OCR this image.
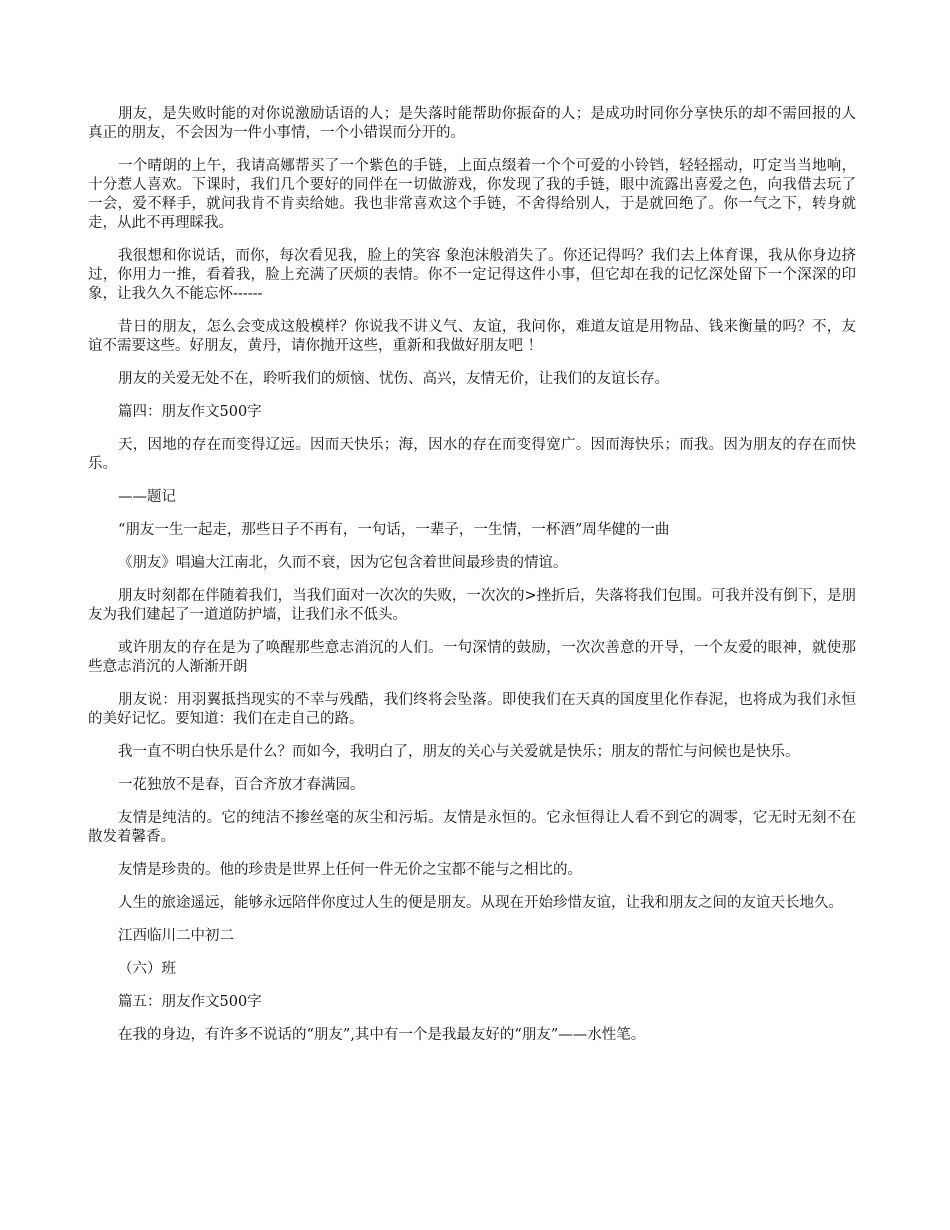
朋友，是失败时能的对你说激励话语的人；是失落时能帮助你振奋的人；是成功时同你分享快乐的却不需回报的人真正的朋友，不会因为一件小事情，一个小错误而分开的。

一个晴朗的上午，我请高娜帮买了一个紫色的手链，上面点缀着一个个可爱的小铃铛，轻轻摇动，叮定当当地响，十分惹人喜欢。下课时，我们几个要好的同伴在一切做游戏，你发现了我的手链，眼中流露出喜爱之色，向我借去玩了一会，爱不释手，就问我肯不肯卖给她。我也非常喜欢这个手链，不舍得给别人，于是就回绝了。你一气之下，转身就走，从此不再理睬我。

我很想和你说话，而你，每次看见我，脸上的笑容 象泡沫般消失了。你还记得吗？我们去上体育课，我从你身边挤过，你用力一推，看着我，脸上充满了厌烦的表情。你不一定记得这件小事，但它却在我的记忆深处留下一个深深的印象，让我久久不能忘怀------

昔日的朋友，怎么会变成这般模样？你说我不讲义气、友谊，我问你，难道友谊是用物品、钱来衡量的吗？不，友谊不需要这些。好朋友，黄丹，请你抛开这些，重新和我做好朋友吧 ！

朋友的关爱无处不在，聆听我们的烦恼、忧伤、高兴，友情无价，让我们的友谊长存。

篇四：朋友作文500字

天，因地的存在而变得辽远。因而天快乐；海，因水的存在而变得宽广。因而海快乐；而我。因为朋友的存在而快乐。

——题记

“朋友一生一起走，那些日子不再有，一句话，一辈子，一生情，一杯酒”周华健的一曲

《朋友》唱遍大江南北，久而不衰，因为它包含着世间最珍贵的情谊。

朋友时刻都在伴随着我们，当我们面对一次次的失败，一次次的>挫折后，失落将我们包围。可我并没有倒下，是朋友为我们建起了一道道防护墙，让我们永不低头。

或许朋友的存在是为了唤醒那些意志消沉的人们。一句深情的鼓励，一次次善意的开导，一个友爱的眼神，就使那些意志消沉的人渐渐开朗

朋友说：用羽翼抵挡现实的不幸与残酷，我们终将会坠落。即使我们在天真的国度里化作春泥，也将成为我们永恒的美好记忆。要知道：我们在走自己的路。

我一直不明白快乐是什么？而如今，我明白了，朋友的关心与关爱就是快乐；朋友的帮忙与问候也是快乐。

一花独放不是春，百合齐放才春满园。

友情是纯洁的。它的纯洁不掺丝毫的灰尘和污垢。友情是永恒的。它永恒得让人看不到它的凋零，它无时无刻不在散发着馨香。

友情是珍贵的。他的珍贵是世界上任何一件无价之宝都不能与之相比的。

人生的旅途遥远，能够永远陪伴你度过人生的便是朋友。从现在开始珍惜友谊，让我和朋友之间的友谊天长地久。

江西临川二中初二

（六）班

篇五：朋友作文500字

在我的身边，有许多不说话的“朋友”,其中有一个是我最友好的“朋友”——水性笔。
